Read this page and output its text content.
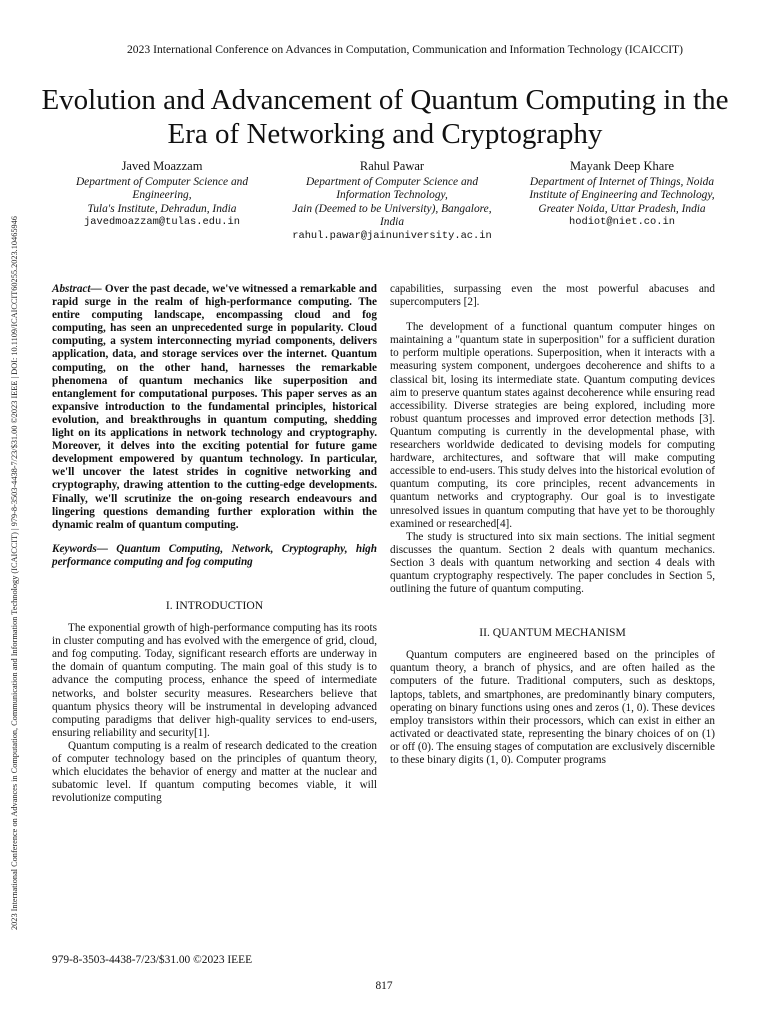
2023 International Conference on Advances in Computation, Communication and Information Technology (ICAICCIT) | 979-8-3503-4438-7/23/$31.00 ©2023 IEEE | DOI: 10.1109/ICAICCIT60255.2023.10465946
2023 International Conference on Advances in Computation, Communication and Information Technology (ICAICCIT)
Evolution and Advancement of Quantum Computing in the Era of Networking and Cryptography
Javed Moazzam
Department of Computer Science and Engineering,
Tula's Institute, Dehradun, India
javedmoazzam@tulas.edu.in
Rahul Pawar
Department of Computer Science and Information Technology,
Jain (Deemed to be University), Bangalore, India
rahul.pawar@jainuniversity.ac.in
Mayank Deep Khare
Department of Internet of Things, Noida Institute of Engineering and Technology,
Greater Noida, Uttar Pradesh, India
hodiot@niet.co.in

Abstract— Over the past decade, we've witnessed a remarkable and rapid surge in the realm of high-performance computing. The entire computing landscape, encompassing cloud and fog computing, has seen an unprecedented surge in popularity. Cloud computing, a system interconnecting myriad components, delivers application, data, and storage services over the internet. Quantum computing, on the other hand, harnesses the remarkable phenomena of quantum mechanics like superposition and entanglement for computational purposes. This paper serves as an expansive introduction to the fundamental principles, historical evolution, and breakthroughs in quantum computing, shedding light on its applications in network technology and cryptography. Moreover, it delves into the exciting potential for future game development empowered by quantum technology. In particular, we'll uncover the latest strides in cognitive networking and cryptography, drawing attention to the cutting-edge developments. Finally, we'll scrutinize the on-going research endeavours and lingering questions demanding further exploration within the dynamic realm of quantum computing.

Keywords— Quantum Computing, Network, Cryptography, high performance computing and fog computing

I. INTRODUCTION

The exponential growth of high-performance computing has its roots in cluster computing and has evolved with the emergence of grid, cloud, and fog computing. Today, significant research efforts are underway in the domain of quantum computing. The main goal of this study is to advance the computing process, enhance the speed of intermediate networks, and bolster security measures. Researchers believe that quantum physics theory will be instrumental in developing advanced computing paradigms that deliver high-quality services to end-users, ensuring reliability and security[1].

Quantum computing is a realm of research dedicated to the creation of computer technology based on the principles of quantum theory, which elucidates the behavior of energy and matter at the nuclear and subatomic level. If quantum computing becomes viable, it will revolutionize computing

capabilities, surpassing even the most powerful abacuses and supercomputers [2].

The development of a functional quantum computer hinges on maintaining a "quantum state in superposition" for a sufficient duration to perform multiple operations. Superposition, when it interacts with a measuring system component, undergoes decoherence and shifts to a classical bit, losing its intermediate state. Quantum computing devices aim to preserve quantum states against decoherence while ensuring read accessibility. Diverse strategies are being explored, including more robust quantum processes and improved error detection methods [3]. Quantum computing is currently in the developmental phase, with researchers worldwide dedicated to devising models for computing hardware, architectures, and software that will make computing accessible to end-users. This study delves into the historical evolution of quantum computing, its core principles, recent advancements in quantum networks and cryptography. Our goal is to investigate unresolved issues in quantum computing that have yet to be thoroughly examined or researched[4].

The study is structured into six main sections. The initial segment discusses the quantum. Section 2 deals with quantum mechanics. Section 3 deals with quantum networking and section 4 deals with quantum cryptography respectively. The paper concludes in Section 5, outlining the future of quantum computing.

II. QUANTUM MECHANISM

Quantum computers are engineered based on the principles of quantum theory, a branch of physics, and are often hailed as the computers of the future. Traditional computers, such as desktops, laptops, tablets, and smartphones, are predominantly binary computers, operating on binary functions using ones and zeros (1, 0). These devices employ transistors within their processors, which can exist in either an activated or deactivated state, representing the binary choices of on (1) or off (0). The ensuing stages of computation are exclusively discernible to these binary digits (1, 0). Computer programs

979-8-3503-4438-7/23/$31.00 ©2023 IEEE
817
